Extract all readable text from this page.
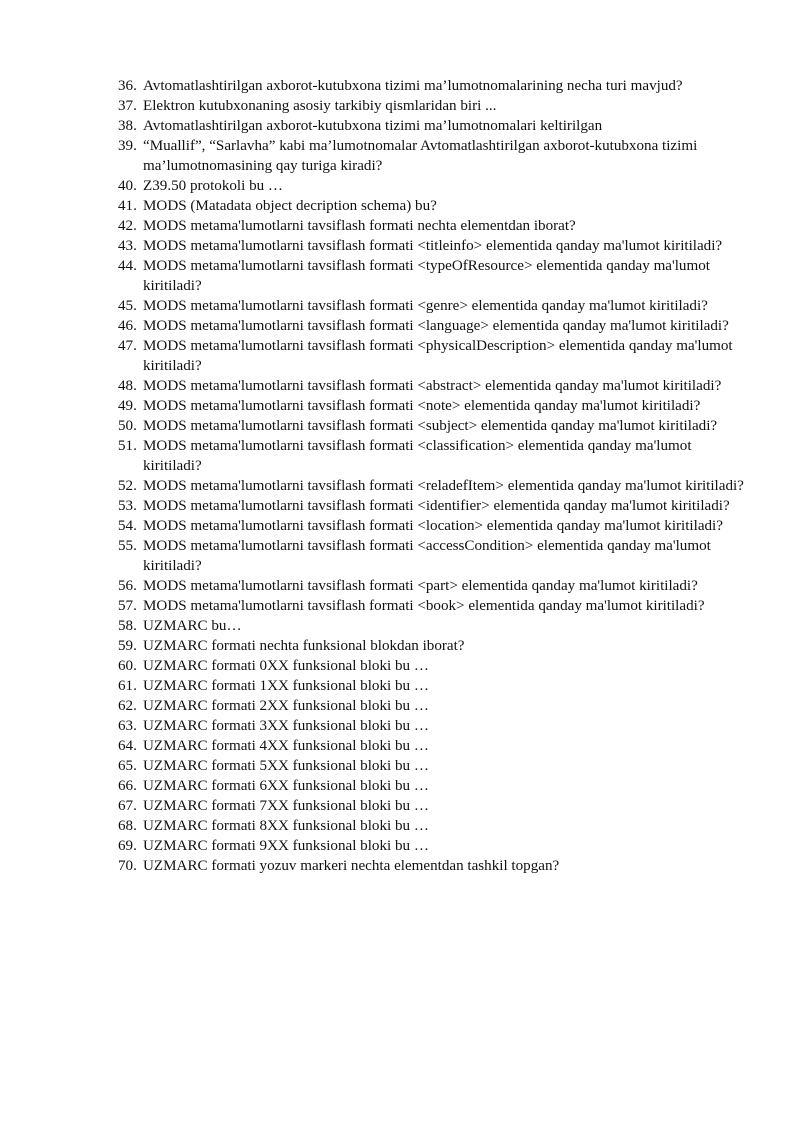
36. Avtomatlashtirilgan axborot-kutubxona tizimi ma’lumotnomalarining necha turi mavjud?
37. Elektron kutubxonaning asosiy tarkibiy qismlaridan biri ...
38. Avtomatlashtirilgan axborot-kutubxona tizimi ma’lumotnomalari keltirilgan
39. “Muallif”, “Sarlavha” kabi ma’lumotnomalar Avtomatlashtirilgan axborot-kutubxona tizimi ma’lumotnomasining qay turiga kiradi?
40. Z39.50 protokoli bu …
41. MODS (Matadata object decription schema) bu?
42. MODS metama'lumotlarni tavsiflash formati nechta elementdan iborat?
43. MODS metama'lumotlarni tavsiflash formati <titleinfo> elementida qanday ma'lumot kiritiladi?
44. MODS metama'lumotlarni tavsiflash formati <typeOfResource> elementida qanday ma'lumot kiritiladi?
45. MODS metama'lumotlarni tavsiflash formati <genre> elementida qanday ma'lumot kiritiladi?
46. MODS metama'lumotlarni tavsiflash formati <language> elementida qanday ma'lumot kiritiladi?
47. MODS metama'lumotlarni tavsiflash formati <physicalDescription> elementida qanday ma'lumot kiritiladi?
48. MODS metama'lumotlarni tavsiflash formati <abstract> elementida qanday ma'lumot kiritiladi?
49. MODS metama'lumotlarni tavsiflash formati <note> elementida qanday ma'lumot kiritiladi?
50. MODS metama'lumotlarni tavsiflash formati <subject> elementida qanday ma'lumot kiritiladi?
51. MODS metama'lumotlarni tavsiflash formati <classification> elementida qanday ma'lumot kiritiladi?
52. MODS metama'lumotlarni tavsiflash formati <reladefItem> elementida qanday ma'lumot kiritiladi?
53. MODS metama'lumotlarni tavsiflash formati <identifier> elementida qanday ma'lumot kiritiladi?
54. MODS metama'lumotlarni tavsiflash formati <location> elementida qanday ma'lumot kiritiladi?
55. MODS metama'lumotlarni tavsiflash formati <accessCondition> elementida qanday ma'lumot kiritiladi?
56. MODS metama'lumotlarni tavsiflash formati <part> elementida qanday ma'lumot kiritiladi?
57. MODS metama'lumotlarni tavsiflash formati <book> elementida qanday ma'lumot kiritiladi?
58. UZMARC bu…
59. UZMARC formati nechta funksional blokdan iborat?
60. UZMARC formati 0XX funksional bloki bu …
61. UZMARC formati 1XX funksional bloki bu …
62. UZMARC formati 2XX funksional bloki bu …
63. UZMARC formati 3XX funksional bloki bu …
64. UZMARC formati 4XX funksional bloki bu …
65. UZMARC formati 5XX funksional bloki bu …
66. UZMARC formati 6XX funksional bloki bu …
67. UZMARC formati 7XX funksional bloki bu …
68. UZMARC formati 8XX funksional bloki bu …
69. UZMARC formati 9XX funksional bloki bu …
70. UZMARC formati yozuv markeri nechta elementdan tashkil topgan?
